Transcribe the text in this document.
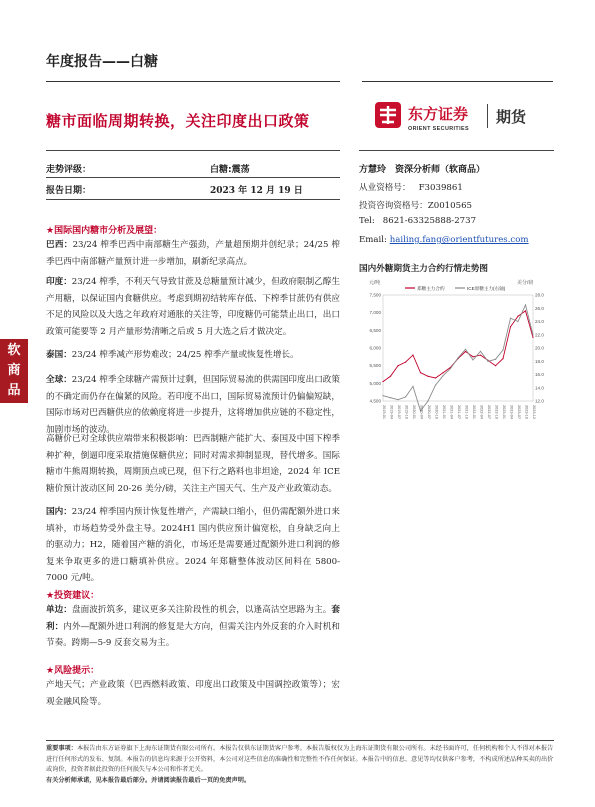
年度报告——白糖
东方证券
ORIENT SECURITIES
期货
糖市面临周期转换，关注印度出口政策
走势评级：	白糖:震荡
报告日期：	2023 年 12 月 19 日
方慧玲　资深分析师（软商品）
从业资格号： F3039861
投资咨询资格号：Z0010565
Tel: 8621-63325888-2737
Email: hailing.fang@orientfutures.com
国内外糖期货主力合约行情走势图
元/吨	美分/磅
4,500
5,000
5,500
6,000
6,500
7,000
7,500
12.0
14.0
16.0
18.0
20.0
22.0
24.0
26.0
28.0
2019-01 2019-04 2019-07 2019-10 2020-01 2020-04 2020-07 2020-10 2021-01 2021-04 2021-07 2021-10 2022-01 2022-04 2022-07 2022-10 2023-01 2023-04 2023-07 2023-10 2023-12
郑糖主力合约	ICE原糖主力(右轴)
软
商
品
★国际国内糖市分析及展望：
巴西：23/24 榨季巴西中南部糖生产强劲，产量超预期并创纪录；24/25 榨季巴西中南部糖产量预计进一步增加，刷新纪录高点。
印度：23/24 榨季，不利天气导致甘蔗及总糖量预计减少，但政府限制乙醇生产用糖，以保证国内食糖供应。考虑到期初结转库存低、下榨季甘蔗仍有供应不足的风险以及大选之年政府对通胀的关注等，印度糖仍可能禁止出口，出口政策可能要等 2 月产量形势清晰之后或 5 月大选之后才做决定。
泰国：23/24 榨季减产形势难改；24/25 榨季产量或恢复性增长。
全球：23/24 榨季全球糖产需预计过剩，但国际贸易流的供需国印度出口政策的不确定而仍存在偏紧的风险。若印度不出口，国际贸易流预计仍偏偏短缺，国际市场对巴西糖供应的依赖度将进一步提升，这将增加供应链的不稳定性，加剧市场的波动。
高糖价已对全球供应端带来积极影响：巴西制糖产能扩大、泰国及中国下榨季种扩种，倒逼印度采取措施保糖供应；同时对需求抑制显现，替代增多。国际糖市牛熊周期转换，周期顶点或已现，但下行之路料也非坦途，2024 年 ICE 糖价预计波动区间 20-26 美分/磅，关注主产国天气、生产及产业政策动态。
国内：23/24 榨季国内预计恢复性增产，产需缺口缩小，但仍需配额外进口来填补，市场趋势受外盘主导。2024H1 国内供应预计偏宽松，自身缺乏向上的驱动力；H2，随着国产糖的消化，市场还是需要通过配额外进口利润的修复来争取更多的进口糖填补供应。2024 年郑糖整体波动区间料在 5800-7000 元/吨。
★投资建议：
单边：盘面波折筑多，建议更多关注阶段性的机会，以逢高沽空思路为主。套利：内外—配额外进口利润的修复是大方向，但需关注内外反套的介入时机和节奏。跨期—5-9 反套交易为主。
★风险提示：
产地天气；产业政策（巴西燃料政策、印度出口政策及中国调控政策等）；宏观金融风险等。
重要事项：本报告由东方证券旗下上海东证期货有限公司所有。本报告仅供东证期货客户参考。本报告版权仅为上海东证期货有限公司所有。未经书面许可，任何机构和个人不得对本报告进行任何形式的发布、复制。本报告的信息均来源于公开资料，本公司对这些信息的准确性和完整性不作任何保证。本报告中的信息、意见等均仅供客户参考，不构成所述品种买卖的出价或询价，投资者据此投资的任何损失与本公司和作者无关。
有关分析师承诺，见本报告最后部分。并请阅读报告最后一页的免责声明。
